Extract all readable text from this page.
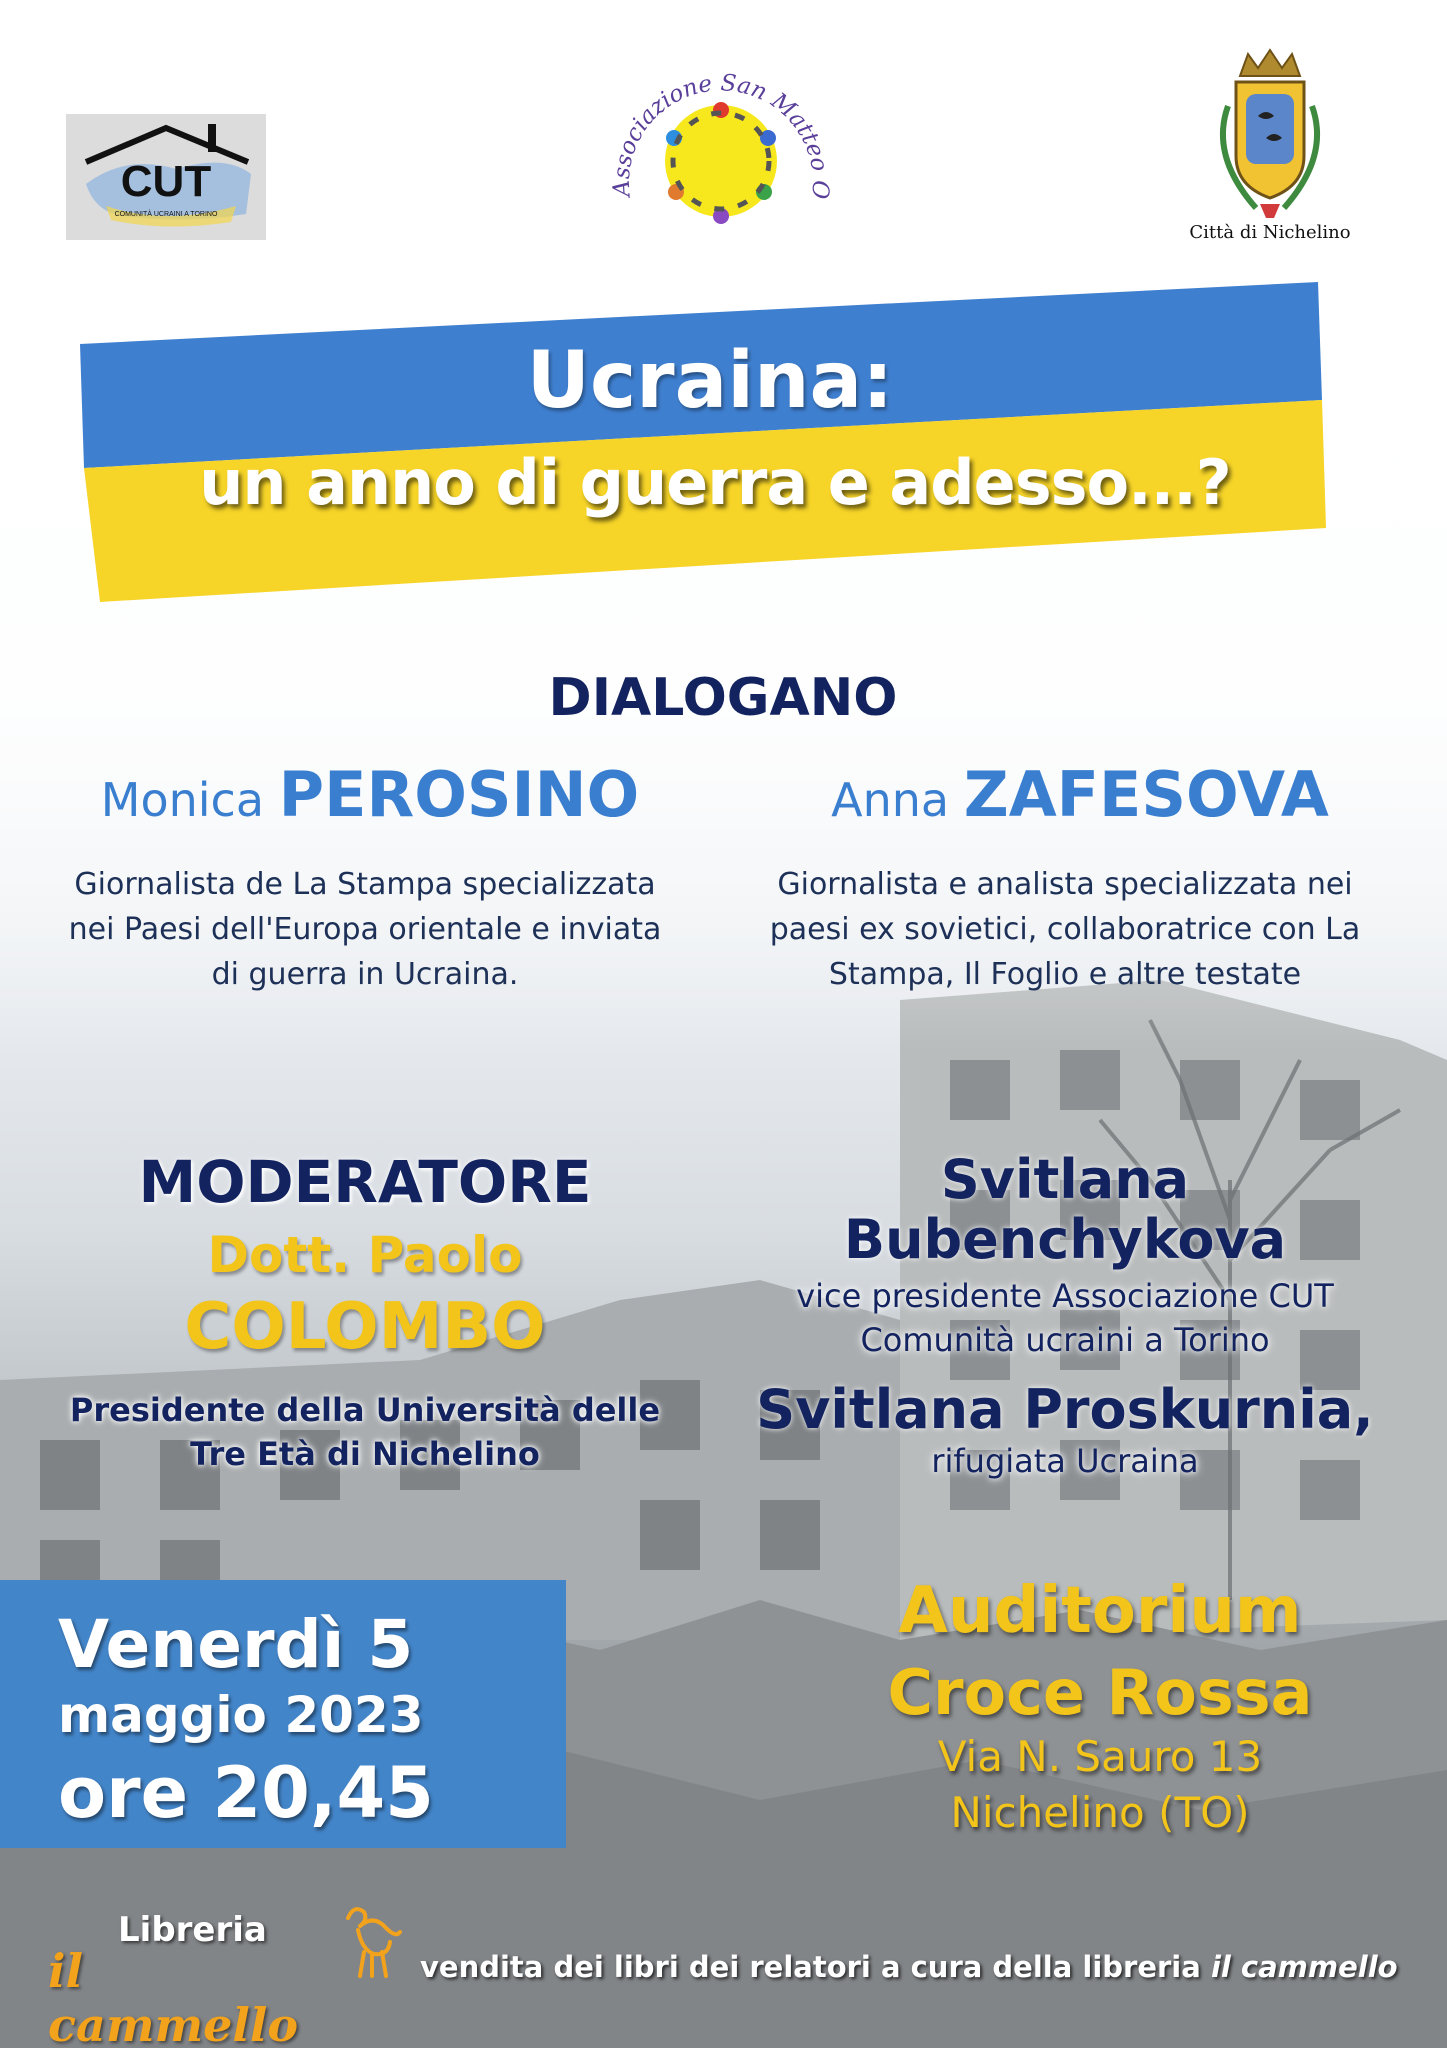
CUT
COMUNITÀ UCRAINI A TORINO
Associazione San Matteo O
Città di Nichelino
Ucraina:
un anno di guerra e adesso...?
DIALOGANO
Monica PEROSINO	Anna ZAFESOVA
Giornalista de La Stampa specializzata nei Paesi dell'Europa orientale e inviata di guerra in Ucraina.
Giornalista e analista specializzata nei paesi ex sovietici, collaboratrice con La Stampa, Il Foglio e altre testate
MODERATORE
Dott. Paolo
COLOMBO
Presidente della Università delle Tre Età di Nichelino
Svitlana
Bubenchykova
vice presidente Associazione CUT Comunità ucraini a Torino
Svitlana Proskurnia,
rifugiata Ucraina
Venerdì 5
maggio 2023
ore 20,45
Auditorium
Croce Rossa
Via N. Sauro 13
Nichelino (TO)
Libreria
il cammello
vendita dei libri dei relatori a cura della libreria il cammello
